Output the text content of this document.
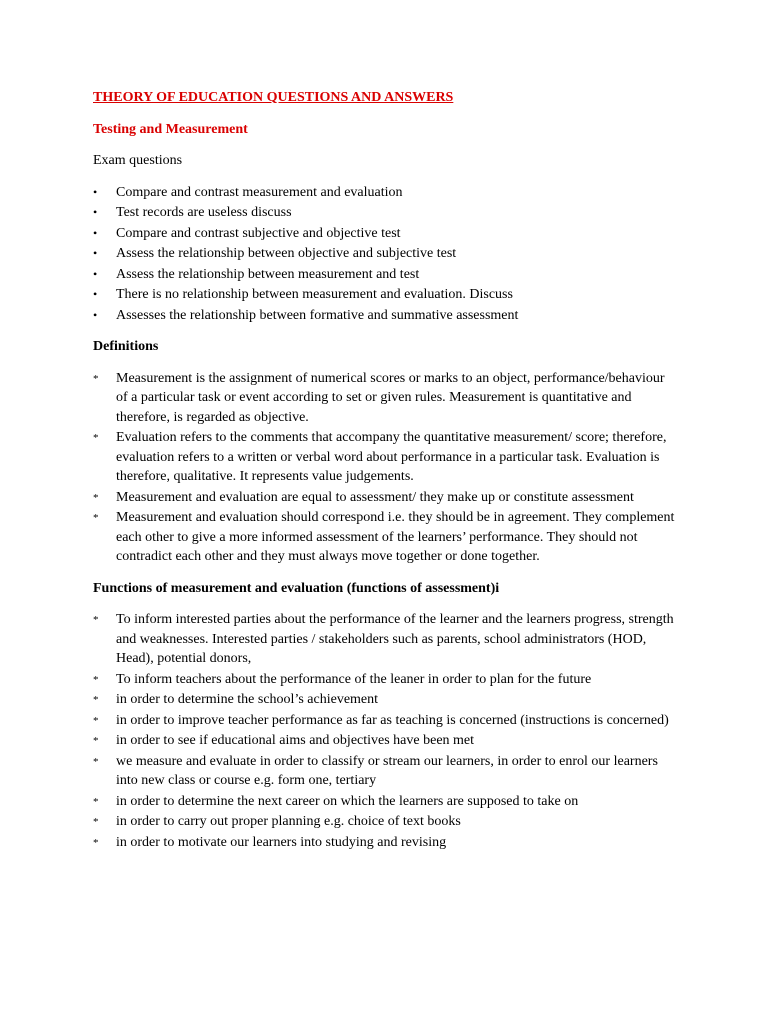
THEORY OF EDUCATION QUESTIONS AND ANSWERS
Testing and Measurement
Exam questions
•	Compare and contrast measurement and evaluation
•	Test records are useless discuss
•	Compare and contrast subjective and objective test
•	Assess the relationship between objective and subjective test
•	Assess the relationship between measurement and test
•	There is no relationship between measurement and evaluation. Discuss
•	Assesses the relationship between formative and summative assessment
Definitions
*	Measurement is the assignment of numerical scores or marks to an object, performance/behaviour of a particular task or event according to set or given rules. Measurement is quantitative and therefore, is regarded as objective.
*	Evaluation refers to the comments that accompany the quantitative measurement/ score; therefore, evaluation refers to a written or verbal word about performance in a particular task. Evaluation is therefore, qualitative. It represents value judgements.
*	Measurement and evaluation are equal to assessment/ they make up or constitute assessment
*	Measurement and evaluation should correspond i.e. they should be in agreement. They complement each other to give a more informed assessment of the learners’ performance. They should not contradict each other and they must always move together or done together.
Functions of measurement and evaluation (functions of assessment)i
*	To inform interested parties about the performance of the learner and the learners progress, strength and weaknesses. Interested parties / stakeholders such as parents, school administrators (HOD, Head), potential donors,
*	To inform teachers about the performance of the leaner in order to plan for the future
*	in order to determine the school’s achievement
*	in order to improve teacher performance as far as teaching is concerned (instructions is concerned)
*	in order to see if educational aims and objectives have been met
*	we measure and evaluate in order to classify or stream our learners, in order to enrol our learners into new class or course e.g. form one, tertiary
*	in order to determine the next career on which the learners are supposed to take on
*	in order to carry out proper planning e.g. choice of text books
*	in order to motivate our learners into studying and revising
